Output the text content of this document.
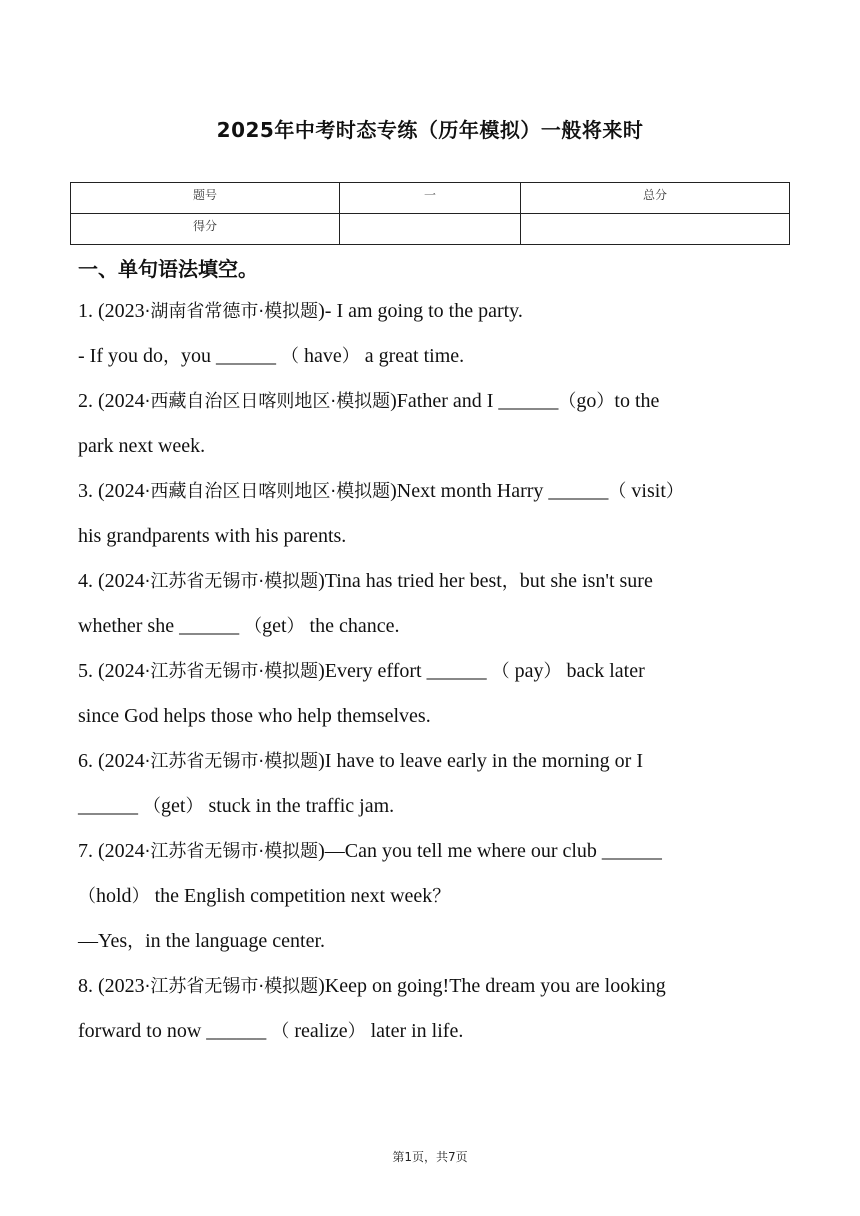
2025年中考时态专练（历年模拟）一般将来时
题号	一	总分
得分		
一、单句语法填空。
1. (2023·湖南省常德市·模拟题)- I am going to the party.
- If you do，you ______ （ have） a great time.
2. (2024·西藏自治区日喀则地区·模拟题)Father and I ______（go）to the
park next week.
3. (2024·西藏自治区日喀则地区·模拟题)Next month Harry ______（ visit）
his grandparents with his parents.
4. (2024·江苏省无锡市·模拟题)Tina has tried her best，but she isn't sure
whether she ______ （get） the chance.
5. (2024·江苏省无锡市·模拟题)Every effort ______ （ pay） back later
since God helps those who help themselves.
6. (2024·江苏省无锡市·模拟题)I have to leave early in the morning or I
______ （get） stuck in the traffic jam.
7. (2024·江苏省无锡市·模拟题)—Can you tell me where our club ______
（hold） the English competition next week？
—Yes，in the language center.
8. (2023·江苏省无锡市·模拟题)Keep on going!The dream you are looking
forward to now ______ （ realize） later in life.
第1页，共7页
